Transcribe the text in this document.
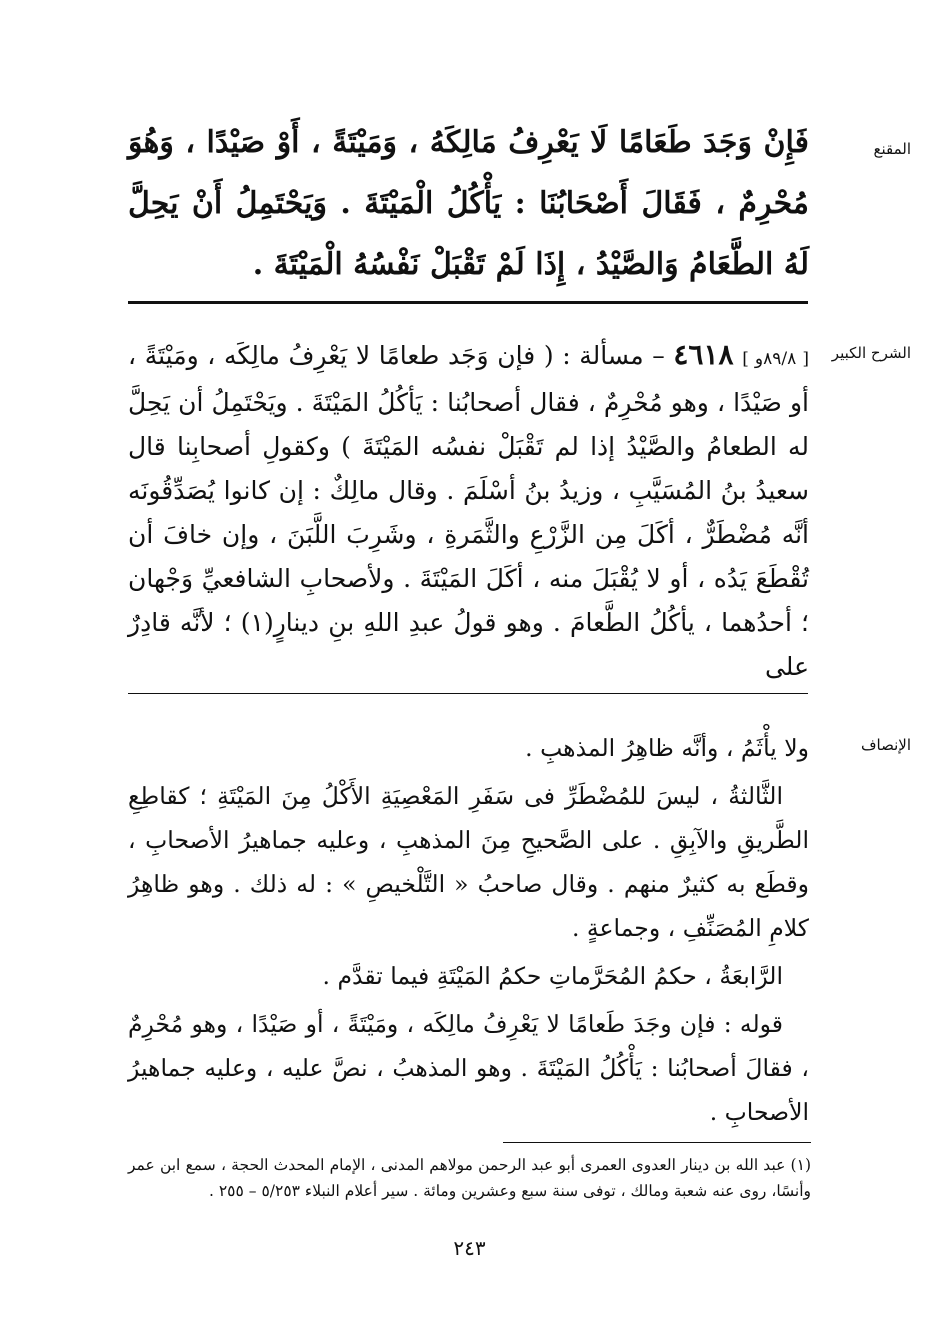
المقنع

فَإِنْ وَجَدَ طَعَامًا لَا يَعْرِفُ مَالِكَهُ ، وَمَيْتَةً ، أَوْ صَيْدًا ، وَهُوَ مُحْرِمٌ ، فَقَالَ أَصْحَابُنَا : يَأْكُلُ الْمَيْتَةَ . وَيَحْتَمِلُ أَنْ يَحِلَّ لَهُ الطَّعَامُ وَالصَّيْدُ ، إِذَا لَمْ تَقْبَلْ نَفْسُهُ الْمَيْتَةَ .

الشرح الكبير

[ ٨٩/٨و ] ٤٦١٨ – مسألة : ( فإن وَجَد طعامًا لا يَعْرِفُ مالِكَه ، ومَيْتَةً ، أو صَيْدًا ، وهو مُحْرِمٌ ، فقال أصحابُنا : يَأكُلُ المَيْتَةَ . ويَحْتَمِلُ أن يَحِلَّ له الطعامُ والصَّيْدُ إذا لم تَقْبَلْ نفسُه المَيْتَةَ ) وكقولِ أصحابِنا قال سعيدُ بنُ المُسَيَّبِ ، وزيدُ بنُ أسْلَمَ . وقال مالِكٌ : إن كانوا يُصَدِّقُونَه أنَّه مُضْطَرٌّ ، أكَلَ مِن الزَّرْعِ والثَّمَرةِ ، وشَرِبَ اللَّبَنَ ، وإن خافَ أن تُقْطَعَ يَدُه ، أو لا يُقْبَلَ منه ، أكَلَ المَيْتَةَ . ولأصحابِ الشافعيِّ وَجْهان ؛ أحدُهما ، يأكُلُ الطَّعامَ . وهو قولُ عبدِ اللهِ بنِ دينارٍ(١) ؛ لأنَّه قادِرٌ على

الإنصاف

ولا يأْثَمُ ، وأنَّه ظاهِرُ المذهبِ .

الثَّالثةُ ، ليسَ للمُضْطَرِّ فى سَفَرِ المَعْصِيَةِ الأَكْلُ مِنَ المَيْتَةِ ؛ كقاطِعِ الطَّريقِ والآبِقِ . على الصَّحيحِ مِنَ المذهبِ ، وعليه جماهيرُ الأصحابِ ، وقطَع به كثيرٌ منهم . وقال صاحبُ « التَّلْخيصِ » : له ذلك . وهو ظاهِرُ كلامِ المُصَنِّفِ ، وجماعةٍ .

الرَّابعَةُ ، حكمُ المُحَرَّماتِ حكمُ المَيْتَةِ فيما تقدَّم .

قوله : فإن وجَدَ طَعامًا لا يَعْرِفُ مالِكَه ، ومَيْتَةً ، أو صَيْدًا ، وهو مُحْرِمٌ ، فقالَ أصحابُنا : يَأْكُلُ المَيْتَةَ . وهو المذهبُ ، نصَّ عليه ، وعليه جماهيرُ الأصحابِ .

(١) عبد الله بن دينار العدوى العمرى أبو عبد الرحمن مولاهم المدنى ، الإمام المحدث الحجة ، سمع ابن عمر وأنسًا، روى عنه شعبة ومالك ، توفى سنة سبع وعشرين ومائة . سير أعلام النبلاء ٥/٢٥٣ – ٢٥٥ .
٢٤٣
